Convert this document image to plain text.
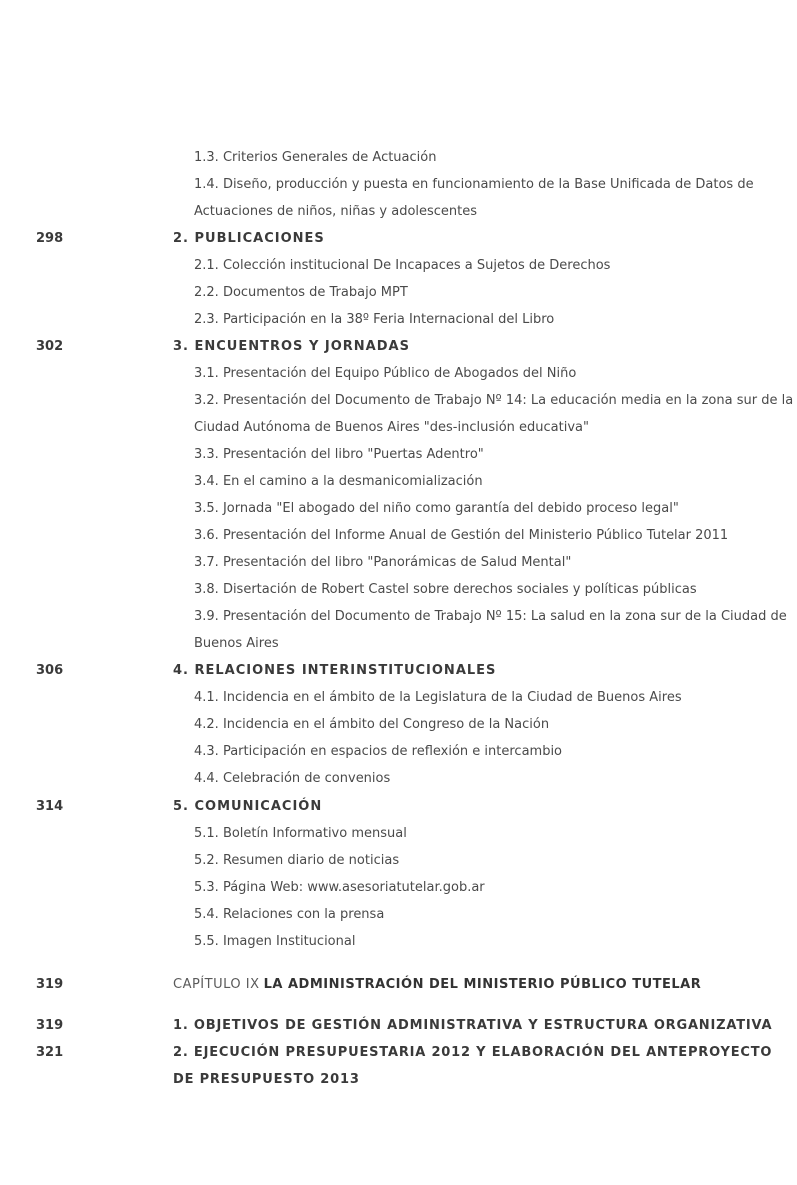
1.3. Criterios Generales de Actuación
1.4. Diseño, producción y puesta en funcionamiento de la Base Unificada de Datos de Actuaciones de niños, niñas y adolescentes
298	2. PUBLICACIONES
2.1. Colección institucional De Incapaces a Sujetos de Derechos
2.2. Documentos de Trabajo MPT
2.3. Participación en la 38º Feria Internacional del Libro
302	3. ENCUENTROS Y JORNADAS
3.1. Presentación del Equipo Público de Abogados del Niño
3.2. Presentación del Documento de Trabajo Nº 14: La educación media en la zona sur de la Ciudad Autónoma de Buenos Aires "des-inclusión educativa"
3.3. Presentación del libro "Puertas Adentro"
3.4. En el camino a la desmanicomialización
3.5. Jornada "El abogado del niño como garantía del debido proceso legal"
3.6. Presentación del Informe Anual de Gestión del Ministerio Público Tutelar 2011
3.7. Presentación del libro "Panorámicas de Salud Mental"
3.8. Disertación de Robert Castel sobre derechos sociales y políticas públicas
3.9. Presentación del Documento de Trabajo Nº 15: La salud en la zona sur de la Ciudad de Buenos Aires
306	4. RELACIONES INTERINSTITUCIONALES
4.1. Incidencia en el ámbito de la Legislatura de la Ciudad de Buenos Aires
4.2. Incidencia en el ámbito del Congreso de la Nación
4.3. Participación en espacios de reflexión e intercambio
4.4. Celebración de convenios
314	5. COMUNICACIÓN
5.1. Boletín Informativo mensual
5.2. Resumen diario de noticias
5.3. Página Web: www.asesoriatutelar.gob.ar
5.4. Relaciones con la prensa
5.5. Imagen Institucional
319	CAPÍTULO IX LA ADMINISTRACIÓN DEL MINISTERIO PÚBLICO TUTELAR
319	1. OBJETIVOS DE GESTIÓN ADMINISTRATIVA Y ESTRUCTURA ORGANIZATIVA
321	2. EJECUCIÓN PRESUPUESTARIA 2012 Y ELABORACIÓN DEL ANTEPROYECTO DE PRESUPUESTO 2013
